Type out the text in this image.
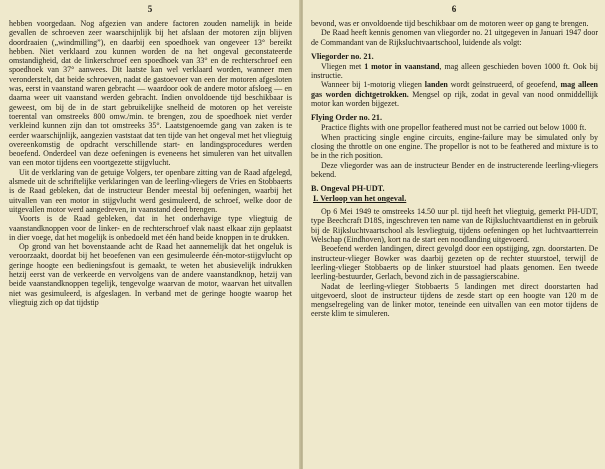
5

hebben voorgedaan. Nog afgezien van andere factoren zouden namelijk in beide gevallen de schroeven zeer waarschijnlijk bij het afslaan der motoren zijn blijven doordraaien („windmilling”), en daarbij een spoedhoek van ongeveer 13° bereikt hebben. Niet verklaard zou kunnen worden de na het ongeval geconstateerde omstandigheid, dat de linkerschroef een spoedhoek van 33° en de rechterschroef een spoedhoek van 37° aanwees. Dit laatste kan wel verklaard worden, wanneer men veronderstelt, dat beide schroeven, nadat de gastoevoer van een der motoren afgesloten was, eerst in vaanstand waren gebracht — waardoor ook de andere motor afsloeg — en daarna weer uit vaanstand werden gebracht. Indien onvoldoende tijd beschikbaar is geweest, om bij de in de start gebruikelijke snelheid de motoren op het vereiste toerental van omstreeks 800 omw./min. te brengen, zou de spoedhoek niet verder verkleind kunnen zijn dan tot omstreeks 35°. Laatstgenoemde gang van zaken is te eerder waarschijnlijk, aangezien vaststaat dat ten tijde van het ongeval met het vliegtuig overeenkomstig de opdracht verschillende start- en landingsprocedures werden beoefend. Onderdeel van deze oefeningen is eveneens het simuleren van het uitvallen van een motor tijdens een voortgezette stijgvlucht.

Uit de verklaring van de getuige Volgers, ter openbare zitting van de Raad afgelegd, alsmede uit de schriftelijke verklaringen van de leerling-vliegers de Vries en Stobbaerts is de Raad gebleken, dat de instructeur Bender meestal bij oefeningen, waarbij het uitvallen van een motor in stijgvlucht werd gesimuleerd, de schroef, welke door de uitgevallen motor werd aangedreven, in vaanstand deed brengen.

Voorts is de Raad gebleken, dat in het onderhavige type vliegtuig de vaanstandknoppen voor de linker- en de rechterschroef vlak naast elkaar zijn geplaatst in dier voege, dat het mogelijk is onbedoeld met één hand beide knoppen in te drukken.

Op grond van het bovenstaande acht de Raad het aannemelijk dat het ongeluk is veroorzaakt, doordat bij het beoefenen van een gesimuleerde één-motor-stijgvlucht op geringe hoogte een bedieningsfout is gemaakt, te weten het abusievelijk indrukken hetzij eerst van de verkeerde en vervolgens van de andere vaanstandknop, hetzij van beide vaanstandknoppen tegelijk, tengevolge waarvan de motor, waarvan het uitvallen niet was gesimuleerd, is afgeslagen. In verband met de geringe hoogte waarop het vliegtuig zich op dat tijdstip

6

bevond, was er onvoldoende tijd beschikbaar om de motoren weer op gang te brengen.

De Raad heeft kennis genomen van vliegorder no. 21 uitgegeven in Januari 1947 door de Commandant van de Rijksluchtvaartschool, luidende als volgt:

Vliegorder no. 21.

Vliegen met 1 motor in vaanstand, mag alleen geschieden boven 1000 ft. Ook bij instructie.

Wanneer bij 1-motorig vliegen landen wordt geïnstrueerd, of geoefend, mag alleen gas worden dichtgetrokken. Mengsel op rijk, zodat in geval van nood onmiddellijk motor kan worden bijgezet.

Flying Order no. 21.

Practice flights with one propellor feathered must not be carried out below 1000 ft.

When practicing single engine circuits, engine-failure may be simulated only by closing the throttle on one engine. The propellor is not to be feathered and mixture is to be in the rich position.

Deze vliegorder was aan de instructeur Bender en de instructerende leerling-vliegers bekend.

B. Ongeval PH-UDT.
I. Verloop van het ongeval.

Op 6 Mei 1949 te omstreeks 14.50 uur pl. tijd heeft het vliegtuig, gemerkt PH-UDT, type Beechcraft D18S, ingeschreven ten name van de Rijksluchtvaartdienst en in gebruik bij de Rijksluchtvaartschool als lesvliegtuig, tijdens oefeningen op het luchtvaartterrein Welschap (Eindhoven), kort na de start een noodlanding uitgevoerd.

Beoefend werden landingen, direct gevolgd door een opstijging, zgn. doorstarten. De instructeur-vlieger Bowker was daarbij gezeten op de rechter stuurstoel, terwijl de leerling-vlieger Stobbaerts op de linker stuurstoel had plaats genomen. Een tweede leerling-bestuurder, Gerlach, bevond zich in de passagierscabine.

Nadat de leerling-vlieger Stobbaerts 5 landingen met direct doorstarten had uitgevoerd, sloot de instructeur tijdens de zesde start op een hoogte van 120 m de mengselregeling van de linker motor, teneinde een uitvallen van een motor tijdens de eerste klim te simuleren.
